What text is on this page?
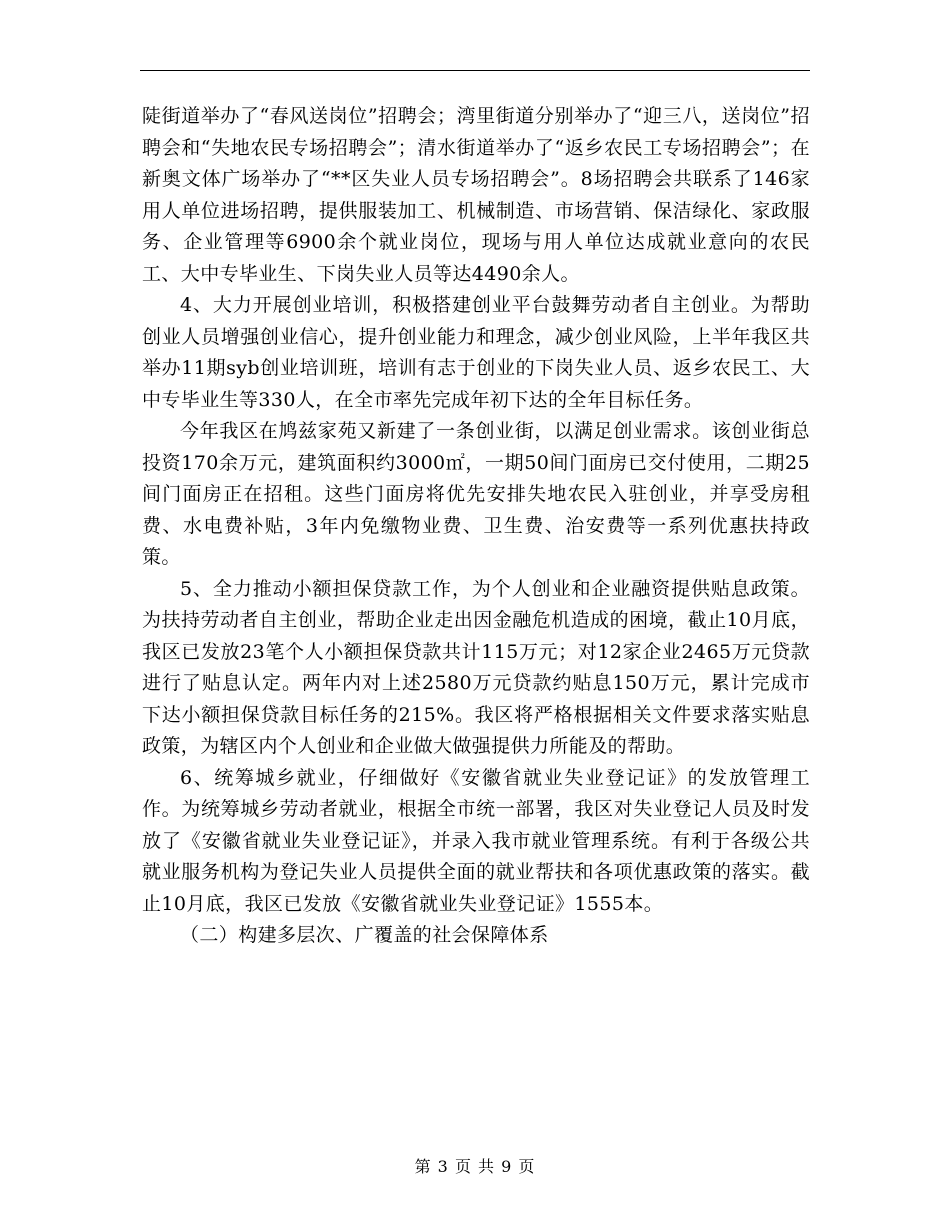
陡街道举办了“春风送岗位”招聘会；湾里街道分别举办了“迎三八，送岗位”招聘会和“失地农民专场招聘会”；清水街道举办了“返乡农民工专场招聘会”；在新奥文体广场举办了“**区失业人员专场招聘会”。8场招聘会共联系了146家用人单位进场招聘，提供服装加工、机械制造、市场营销、保洁绿化、家政服务、企业管理等6900余个就业岗位，现场与用人单位达成就业意向的农民工、大中专毕业生、下岗失业人员等达4490余人。

4、大力开展创业培训，积极搭建创业平台鼓舞劳动者自主创业。为帮助创业人员增强创业信心，提升创业能力和理念，减少创业风险，上半年我区共举办11期syb创业培训班，培训有志于创业的下岗失业人员、返乡农民工、大中专毕业生等330人，在全市率先完成年初下达的全年目标任务。

今年我区在鸠兹家苑又新建了一条创业街，以满足创业需求。该创业街总投资170余万元，建筑面积约3000㎡，一期50间门面房已交付使用，二期25间门面房正在招租。这些门面房将优先安排失地农民入驻创业，并享受房租费、水电费补贴，3年内免缴物业费、卫生费、治安费等一系列优惠扶持政策。

5、全力推动小额担保贷款工作，为个人创业和企业融资提供贴息政策。为扶持劳动者自主创业，帮助企业走出因金融危机造成的困境，截止10月底，我区已发放23笔个人小额担保贷款共计115万元；对12家企业2465万元贷款进行了贴息认定。两年内对上述2580万元贷款约贴息150万元，累计完成市下达小额担保贷款目标任务的215%。我区将严格根据相关文件要求落实贴息政策，为辖区内个人创业和企业做大做强提供力所能及的帮助。

6、统筹城乡就业，仔细做好《安徽省就业失业登记证》的发放管理工作。为统筹城乡劳动者就业，根据全市统一部署，我区对失业登记人员及时发放了《安徽省就业失业登记证》，并录入我市就业管理系统。有利于各级公共就业服务机构为登记失业人员提供全面的就业帮扶和各项优惠政策的落实。截止10月底，我区已发放《安徽省就业失业登记证》1555本。

（二）构建多层次、广覆盖的社会保障体系

第 3 页 共 9 页
